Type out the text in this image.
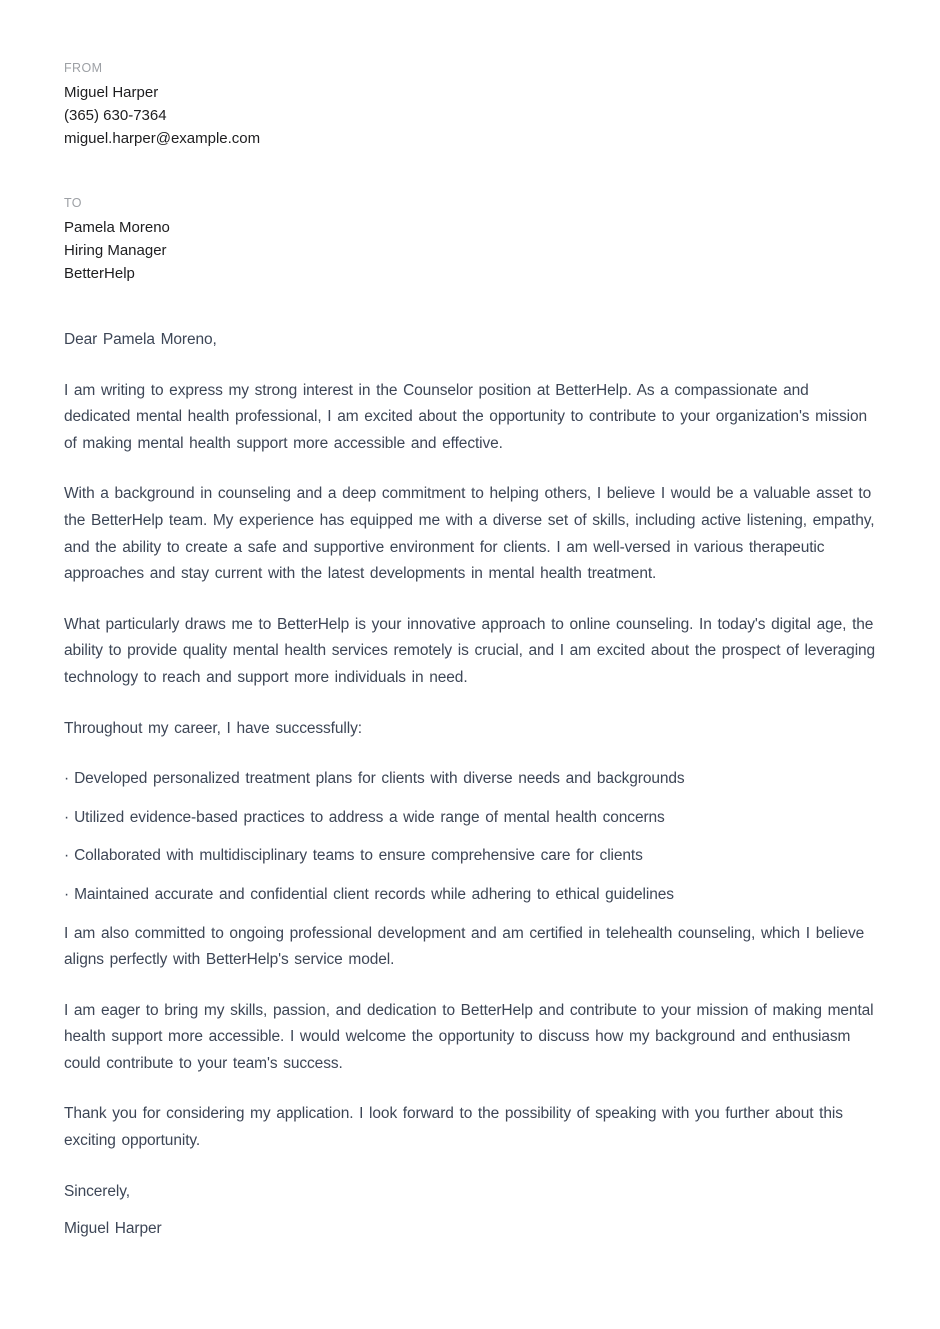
FROM
Miguel Harper
(365) 630-7364
miguel.harper@example.com
TO
Pamela Moreno
Hiring Manager
BetterHelp
Dear Pamela Moreno,
I am writing to express my strong interest in the Counselor position at BetterHelp. As a compassionate and dedicated mental health professional, I am excited about the opportunity to contribute to your organization's mission of making mental health support more accessible and effective.
With a background in counseling and a deep commitment to helping others, I believe I would be a valuable asset to the BetterHelp team. My experience has equipped me with a diverse set of skills, including active listening, empathy, and the ability to create a safe and supportive environment for clients. I am well-versed in various therapeutic approaches and stay current with the latest developments in mental health treatment.
What particularly draws me to BetterHelp is your innovative approach to online counseling. In today's digital age, the ability to provide quality mental health services remotely is crucial, and I am excited about the prospect of leveraging technology to reach and support more individuals in need.
Throughout my career, I have successfully:
· Developed personalized treatment plans for clients with diverse needs and backgrounds
· Utilized evidence-based practices to address a wide range of mental health concerns
· Collaborated with multidisciplinary teams to ensure comprehensive care for clients
· Maintained accurate and confidential client records while adhering to ethical guidelines
I am also committed to ongoing professional development and am certified in telehealth counseling, which I believe aligns perfectly with BetterHelp's service model.
I am eager to bring my skills, passion, and dedication to BetterHelp and contribute to your mission of making mental health support more accessible. I would welcome the opportunity to discuss how my background and enthusiasm could contribute to your team's success.
Thank you for considering my application. I look forward to the possibility of speaking with you further about this exciting opportunity.
Sincerely,
Miguel Harper
